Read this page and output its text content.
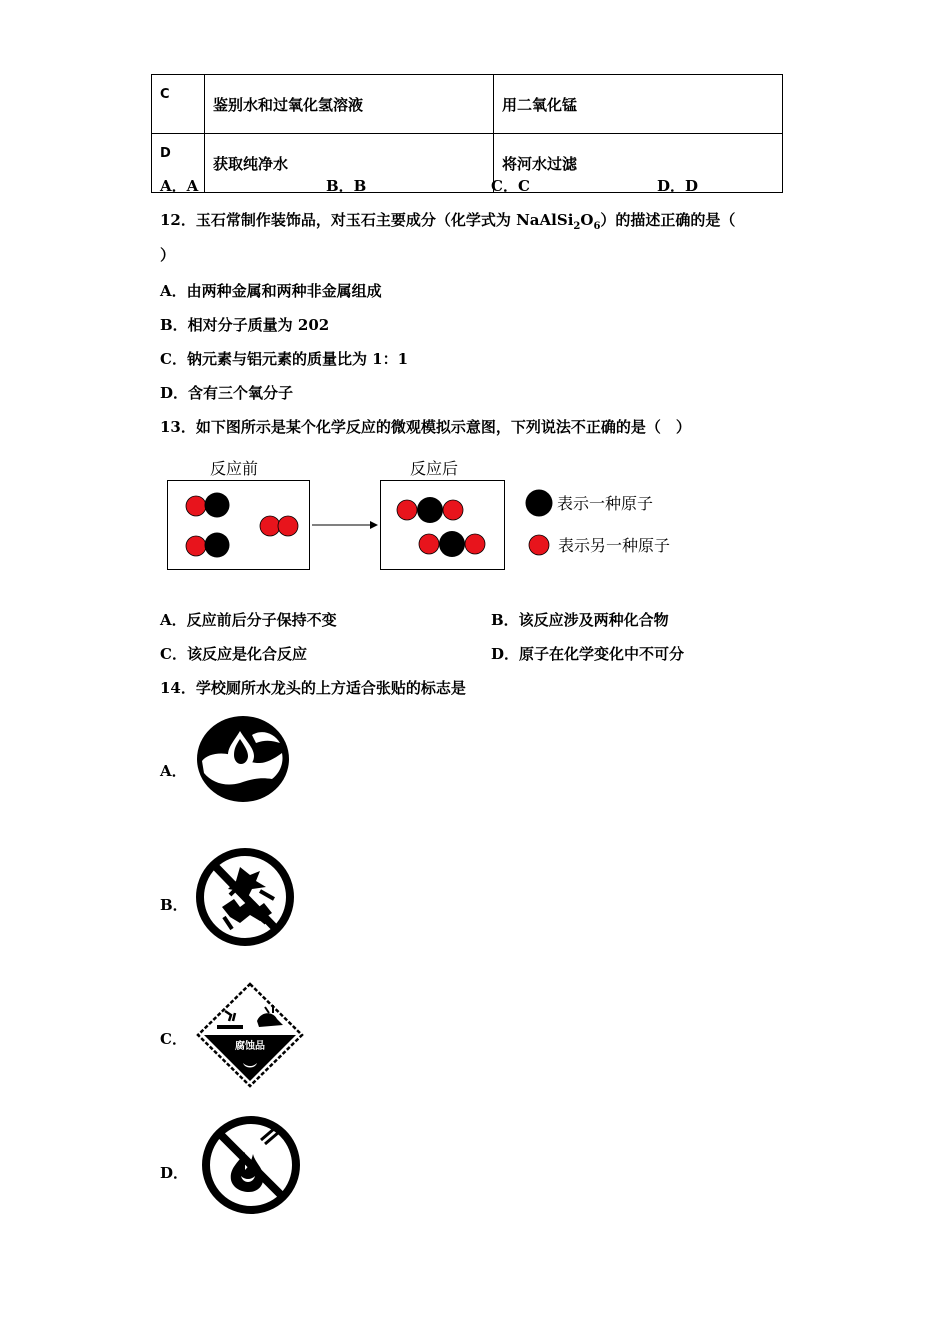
C	鉴别水和过氧化氢溶液	用二氧化锰
D	获取纯净水	将河水过滤
A．A	B．B	C．C	D．D
12．玉石常制作装饰品，对玉石主要成分（化学式为 $NaAlSi_2O_6$）的描述正确的是（
）
A．由两种金属和两种非金属组成
B．相对分子质量为 202
C．钠元素与铝元素的质量比为 1：1
D．含有三个氧分子
13．如下图所示是某个化学反应的微观模拟示意图，下列说法不正确的是（　）
反应前	反应后
表示一种原子
表示另一种原子
A．反应前后分子保持不变	B．该反应涉及两种化合物
C．该反应是化合反应	D．原子在化学变化中不可分
14．学校厕所水龙头的上方适合张贴的标志是
A．
B．
C．	腐蚀品
D．
